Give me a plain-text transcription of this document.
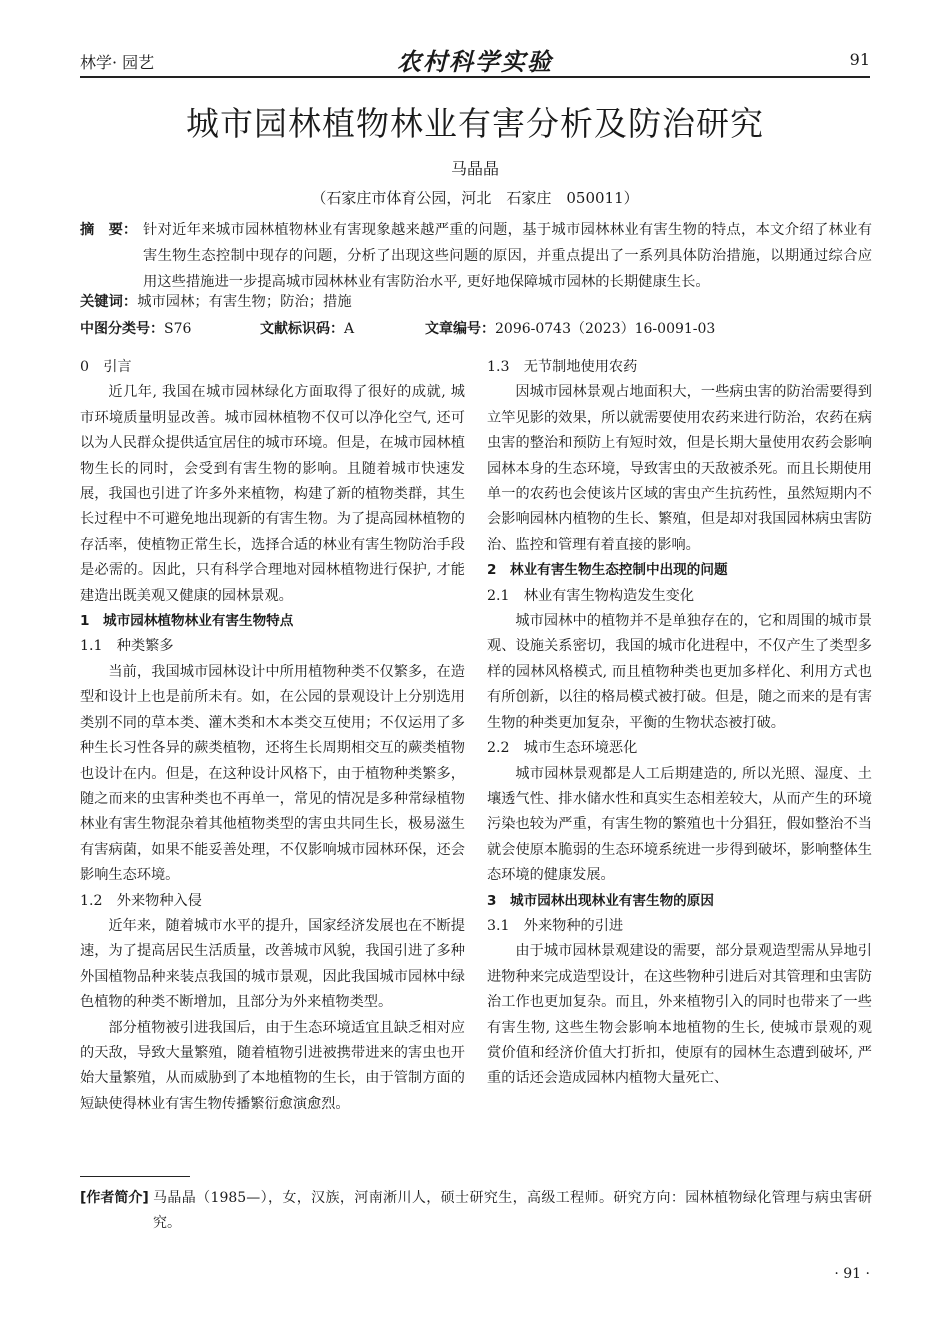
林学· 园艺	农村科学实验	91
城市园林植物林业有害分析及防治研究
马晶晶
（石家庄市体育公园，河北　石家庄　050011）
摘　要： 针对近年来城市园林植物林业有害现象越来越严重的问题，基于城市园林林业有害生物的特点，本文介绍了林业有害生物生态控制中现存的问题，分析了出现这些问题的原因，并重点提出了一系列具体防治措施，以期通过综合应用这些措施进一步提高城市园林林业有害防治水平, 更好地保障城市园林的长期健康生长。
关键词：城市园林；有害生物；防治；措施
中图分类号：S76	文献标识码：A	文章编号：2096-0743（2023）16-0091-03
0　引言

近几年, 我国在城市园林绿化方面取得了很好的成就, 城市环境质量明显改善。城市园林植物不仅可以净化空气, 还可以为人民群众提供适宜居住的城市环境。但是，在城市园林植物生长的同时，会受到有害生物的影响。且随着城市快速发展，我国也引进了许多外来植物，构建了新的植物类群，其生长过程中不可避免地出现新的有害生物。为了提高园林植物的存活率，使植物正常生长，选择合适的林业有害生物防治手段是必需的。因此，只有科学合理地对园林植物进行保护, 才能建造出既美观又健康的园林景观。

1　城市园林植物林业有害生物特点
1.1　种类繁多

当前，我国城市园林设计中所用植物种类不仅繁多，在造型和设计上也是前所未有。如，在公园的景观设计上分别选用类别不同的草本类、灌木类和木本类交互使用；不仅运用了多种生长习性各异的蕨类植物，还将生长周期相交互的蕨类植物也设计在内。但是，在这种设计风格下，由于植物种类繁多，随之而来的虫害种类也不再单一，常见的情况是多种常绿植物林业有害生物混杂着其他植物类型的害虫共同生长，极易滋生有害病菌，如果不能妥善处理，不仅影响城市园林环保，还会影响生态环境。

1.2　外来物种入侵

近年来，随着城市水平的提升，国家经济发展也在不断提速，为了提高居民生活质量，改善城市风貌，我国引进了多种外国植物品种来装点我国的城市景观，因此我国城市园林中绿色植物的种类不断增加，且部分为外来植物类型。

部分植物被引进我国后，由于生态环境适宜且缺乏相对应的天敌，导致大量繁殖，随着植物引进被携带进来的害虫也开始大量繁殖，从而威胁到了本地植物的生长，由于管制方面的短缺使得林业有害生物传播繁衍愈演愈烈。

1.3　无节制地使用农药

因城市园林景观占地面积大，一些病虫害的防治需要得到立竿见影的效果，所以就需要使用农药来进行防治，农药在病虫害的整治和预防上有短时效，但是长期大量使用农药会影响园林本身的生态环境，导致害虫的天敌被杀死。而且长期使用单一的农药也会使该片区域的害虫产生抗药性，虽然短期内不会影响园林内植物的生长、繁殖，但是却对我国园林病虫害防治、监控和管理有着直接的影响。

2　林业有害生物生态控制中出现的问题
2.1　林业有害生物构造发生变化

城市园林中的植物并不是单独存在的，它和周围的城市景观、设施关系密切，我国的城市化进程中，不仅产生了类型多样的园林风格模式, 而且植物种类也更加多样化、利用方式也有所创新，以往的格局模式被打破。但是，随之而来的是有害生物的种类更加复杂，平衡的生物状态被打破。

2.2　城市生态环境恶化

城市园林景观都是人工后期建造的, 所以光照、湿度、土壤透气性、排水储水性和真实生态相差较大，从而产生的环境污染也较为严重，有害生物的繁殖也十分猖狂，假如整治不当就会使原本脆弱的生态环境系统进一步得到破坏，影响整体生态环境的健康发展。

3　城市园林出现林业有害生物的原因
3.1　外来物种的引进

由于城市园林景观建设的需要，部分景观造型需从异地引进物种来完成造型设计，在这些物种引进后对其管理和虫害防治工作也更加复杂。而且，外来植物引入的同时也带来了一些有害生物, 这些生物会影响本地植物的生长, 使城市景观的观赏价值和经济价值大打折扣，使原有的园林生态遭到破坏, 严重的话还会造成园林内植物大量死亡、

[作者简介] 马晶晶（1985—），女，汉族，河南淅川人，硕士研究生，高级工程师。研究方向：园林植物绿化管理与病虫害研究。
· 91 ·
